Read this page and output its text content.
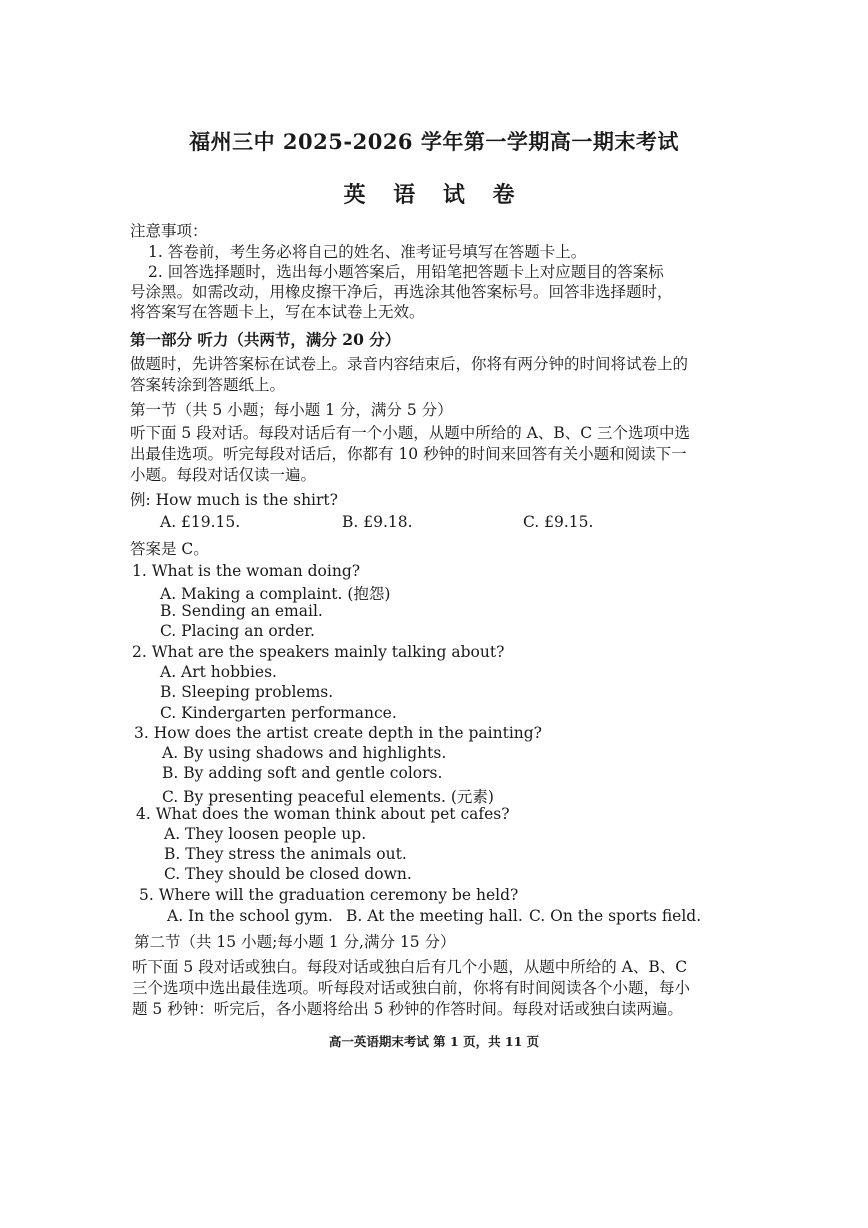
福州三中 2025-2026 学年第一学期高一期末考试
英 语 试 卷
注意事项：
1. 答卷前，考生务必将自己的姓名、准考证号填写在答题卡上。
2. 回答选择题时，选出每小题答案后，用铅笔把答题卡上对应题目的答案标
号涂黑。如需改动，用橡皮擦干净后，再选涂其他答案标号。回答非选择题时，
将答案写在答题卡上，写在本试卷上无效。
第一部分 听力（共两节，满分 20 分）
做题时，先讲答案标在试卷上。录音内容结束后，你将有两分钟的时间将试卷上的
答案转涂到答题纸上。
第一节（共 5 小题；每小题 1 分，满分 5 分）
听下面 5 段对话。每段对话后有一个小题，从题中所给的 A、B、C 三个选项中选
出最佳选项。听完每段对话后，你都有 10 秒钟的时间来回答有关小题和阅读下一
小题。每段对话仅读一遍。
例: How much is the shirt?
A. £19.15.	B. £9.18.	C. £9.15.
答案是 C。
1. What is the woman doing?
A. Making a complaint. (抱怨)
B. Sending an email.
C. Placing an order.
2. What are the speakers mainly talking about?
A. Art hobbies.
B. Sleeping problems.
C. Kindergarten performance.
3. How does the artist create depth in the painting?
A. By using shadows and highlights.
B. By adding soft and gentle colors.
C. By presenting peaceful elements. (元素)
4. What does the woman think about pet cafes?
A. They loosen people up.
B. They stress the animals out.
C. They should be closed down.
5. Where will the graduation ceremony be held?
A. In the school gym. B. At the meeting hall. C. On the sports field.
第二节（共 15 小题;每小题 1 分,满分 15 分）
听下面 5 段对话或独白。每段对话或独白后有几个小题，从题中所给的 A、B、C
三个选项中选出最佳选项。听每段对话或独白前，你将有时间阅读各个小题，每小
题 5 秒钟：听完后，各小题将给出 5 秒钟的作答时间。每段对话或独白读两遍。
高一英语期末考试 第 1 页，共 11 页
